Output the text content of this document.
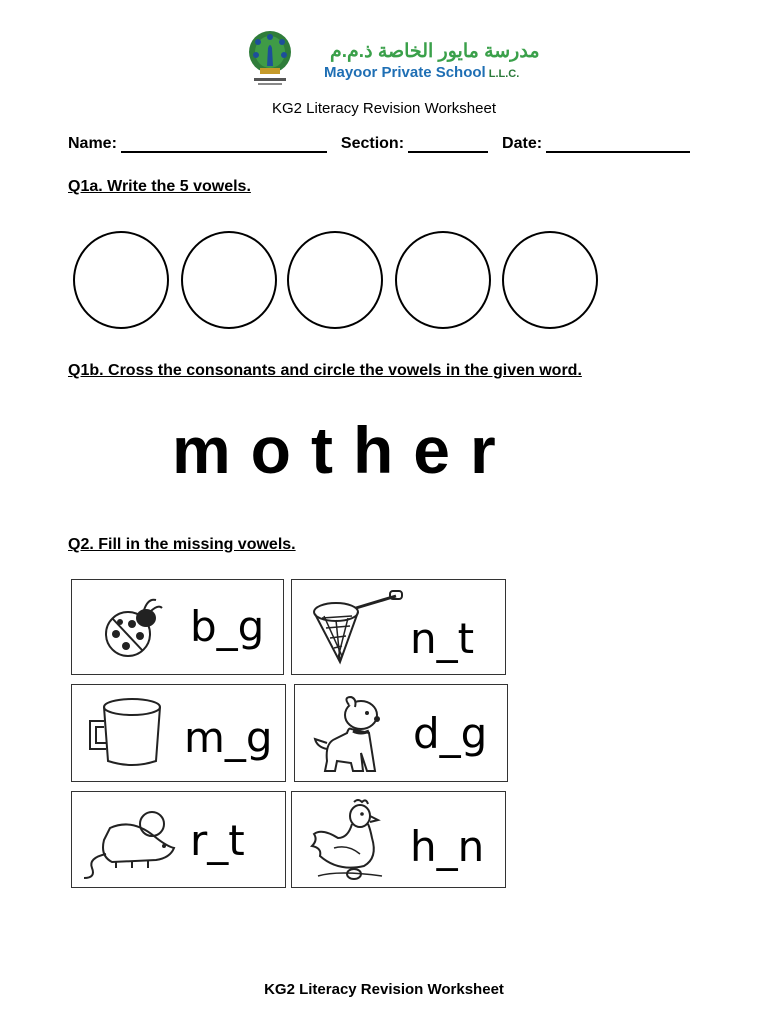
مدرسة مايور الخاصة ذ.م.م
Mayoor Private School L.L.C.
KG2 Literacy Revision Worksheet
Name:	Section:	Date:
Q1a. Write the 5 vowels.
Q1b. Cross the consonants and circle the vowels in the given word.
mother
Q2. Fill in the missing vowels.
b_g	n_t
m_g	d_g
r_t	h_n
KG2 Literacy Revision Worksheet
